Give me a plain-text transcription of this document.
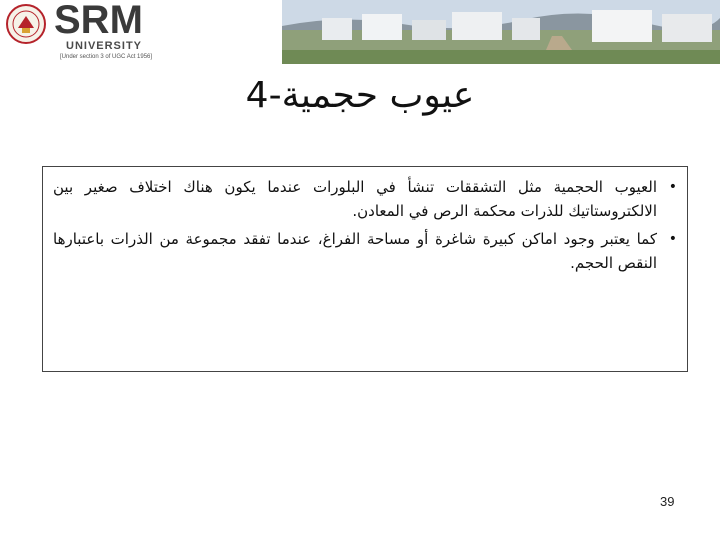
SRM
UNIVERSITY
[Under section 3 of UGC Act 1956]
عيوب حجمية-4
•
العيوب الحجمية مثل التشققات تنشأ في البلورات عندما يكون هناك اختلاف صغير بين الالكتروستاتيك للذرات محكمة الرص في المعادن.
•
كما يعتبر وجود اماكن كبيرة شاغرة أو مساحة الفراغ، عندما تفقد مجموعة من الذرات باعتبارها النقص الحجم.
39
